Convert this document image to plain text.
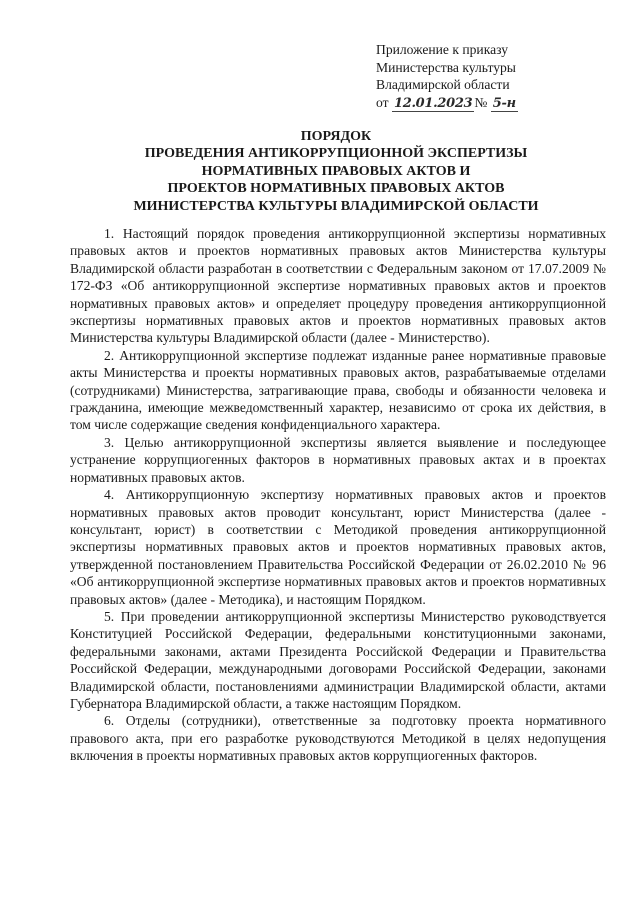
Приложение к приказу
Министерства культуры
Владимирской области
от 12.01.2023 № 5-н
ПОРЯДОК
ПРОВЕДЕНИЯ АНТИКОРРУПЦИОННОЙ ЭКСПЕРТИЗЫ
НОРМАТИВНЫХ ПРАВОВЫХ АКТОВ И
ПРОЕКТОВ НОРМАТИВНЫХ ПРАВОВЫХ АКТОВ
МИНИСТЕРСТВА КУЛЬТУРЫ ВЛАДИМИРСКОЙ ОБЛАСТИ

1. Настоящий порядок проведения антикоррупционной экспертизы нормативных правовых актов и проектов нормативных правовых актов Министерства культуры Владимирской области разработан в соответствии с Федеральным законом от 17.07.2009 № 172-ФЗ «Об антикоррупционной экспертизе нормативных правовых актов и проектов нормативных правовых актов» и определяет процедуру проведения антикоррупционной экспертизы нормативных правовых актов и проектов нормативных правовых актов Министерства культуры Владимирской области (далее - Министерство).

2. Антикоррупционной экспертизе подлежат изданные ранее нормативные правовые акты Министерства и проекты нормативных правовых актов, разрабатываемые отделами (сотрудниками) Министерства, затрагивающие права, свободы и обязанности человека и гражданина, имеющие межведомственный характер, независимо от срока их действия, в том числе содержащие сведения конфиденциального характера.

3. Целью антикоррупционной экспертизы является выявление и последующее устранение коррупциогенных факторов в нормативных правовых актах и в проектах нормативных правовых актов.

4. Антикоррупционную экспертизу нормативных правовых актов и проектов нормативных правовых актов проводит консультант, юрист Министерства (далее - консультант, юрист) в соответствии с Методикой проведения антикоррупционной экспертизы нормативных правовых актов и проектов нормативных правовых актов, утвержденной постановлением Правительства Российской Федерации от 26.02.2010 № 96 «Об антикоррупционной экспертизе нормативных правовых актов и проектов нормативных правовых актов» (далее - Методика), и настоящим Порядком.

5. При проведении антикоррупционной экспертизы Министерство руководствуется Конституцией Российской Федерации, федеральными конституционными законами, федеральными законами, актами Президента Российской Федерации и Правительства Российской Федерации, международными договорами Российской Федерации, законами Владимирской области, постановлениями администрации Владимирской области, актами Губернатора Владимирской области, а также настоящим Порядком.

6. Отделы (сотрудники), ответственные за подготовку проекта нормативного правового акта, при его разработке руководствуются Методикой в целях недопущения включения в проекты нормативных правовых актов коррупциогенных факторов.
